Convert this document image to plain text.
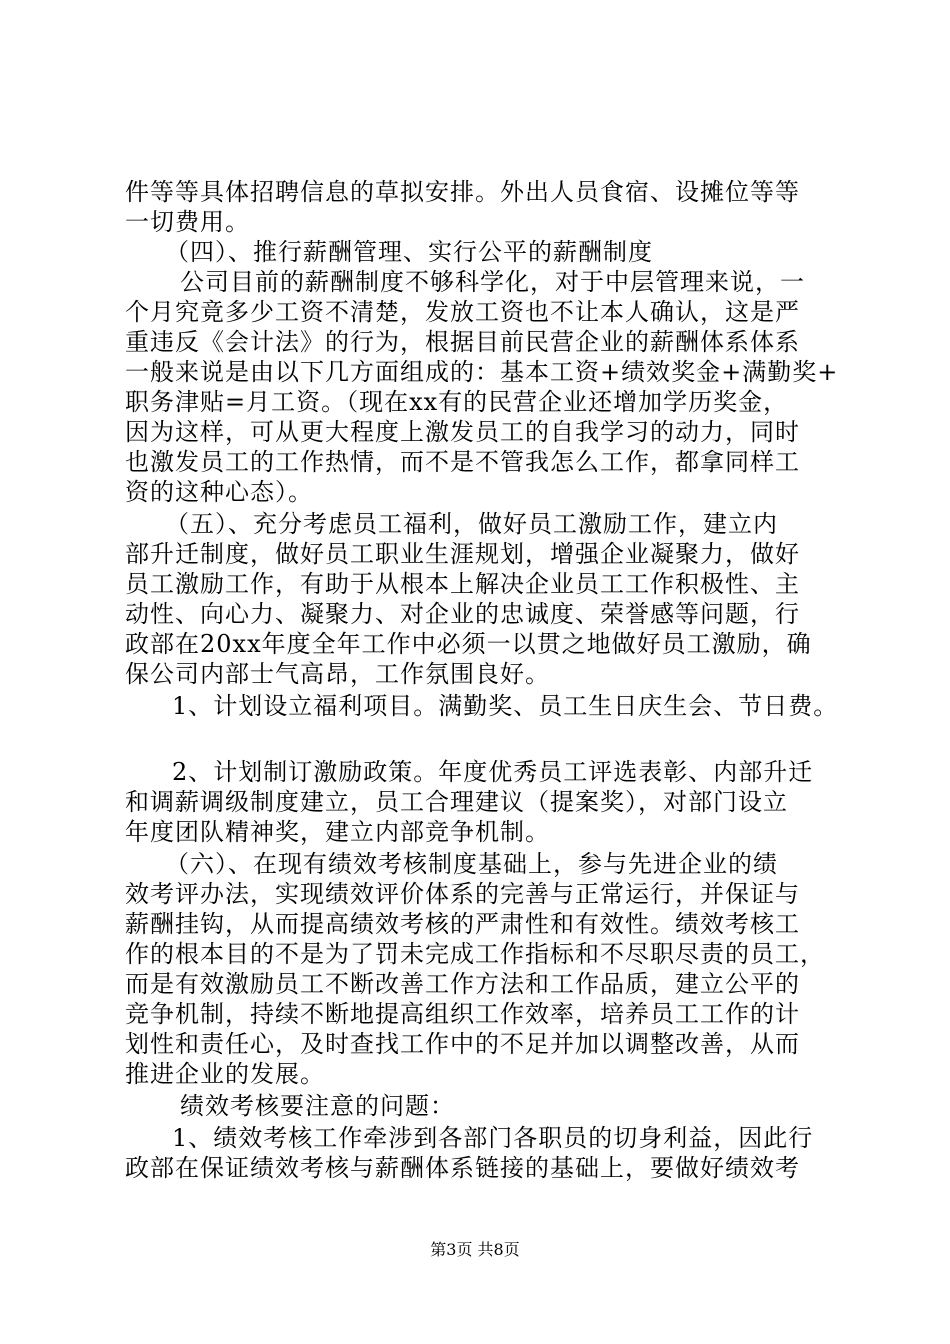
件等等具体招聘信息的草拟安排。外出人员食宿、设摊位等等
一切费用。
（四）、推行薪酬管理、实行公平的薪酬制度
公司目前的薪酬制度不够科学化，对于中层管理来说，一
个月究竟多少工资不清楚，发放工资也不让本人确认，这是严
重违反《会计法》的行为，根据目前民营企业的薪酬体系体系
一般来说是由以下几方面组成的：基本工资+绩效奖金+满勤奖+
职务津贴=月工资。（现在xx有的民营企业还增加学历奖金，
因为这样，可从更大程度上激发员工的自我学习的动力，同时
也激发员工的工作热情，而不是不管我怎么工作，都拿同样工
资的这种心态）。
（五）、充分考虑员工福利，做好员工激励工作，建立内
部升迁制度，做好员工职业生涯规划，增强企业凝聚力，做好
员工激励工作，有助于从根本上解决企业员工工作积极性、主
动性、向心力、凝聚力、对企业的忠诚度、荣誉感等问题，行
政部在20xx年度全年工作中必须一以贯之地做好员工激励，确
保公司内部士气高昂，工作氛围良好。
1、计划设立福利项目。满勤奖、员工生日庆生会、节日费。
2、计划制订激励政策。年度优秀员工评选表彰、内部升迁
和调薪调级制度建立，员工合理建议（提案奖），对部门设立
年度团队精神奖，建立内部竞争机制。
（六）、在现有绩效考核制度基础上，参与先进企业的绩
效考评办法，实现绩效评价体系的完善与正常运行，并保证与
薪酬挂钩，从而提高绩效考核的严肃性和有效性。绩效考核工
作的根本目的不是为了罚未完成工作指标和不尽职尽责的员工，
而是有效激励员工不断改善工作方法和工作品质，建立公平的
竞争机制，持续不断地提高组织工作效率，培养员工工作的计
划性和责任心，及时查找工作中的不足并加以调整改善，从而
推进企业的发展。
绩效考核要注意的问题：
1、绩效考核工作牵涉到各部门各职员的切身利益，因此行
政部在保证绩效考核与薪酬体系链接的基础上，要做好绩效考
第3页 共8页
